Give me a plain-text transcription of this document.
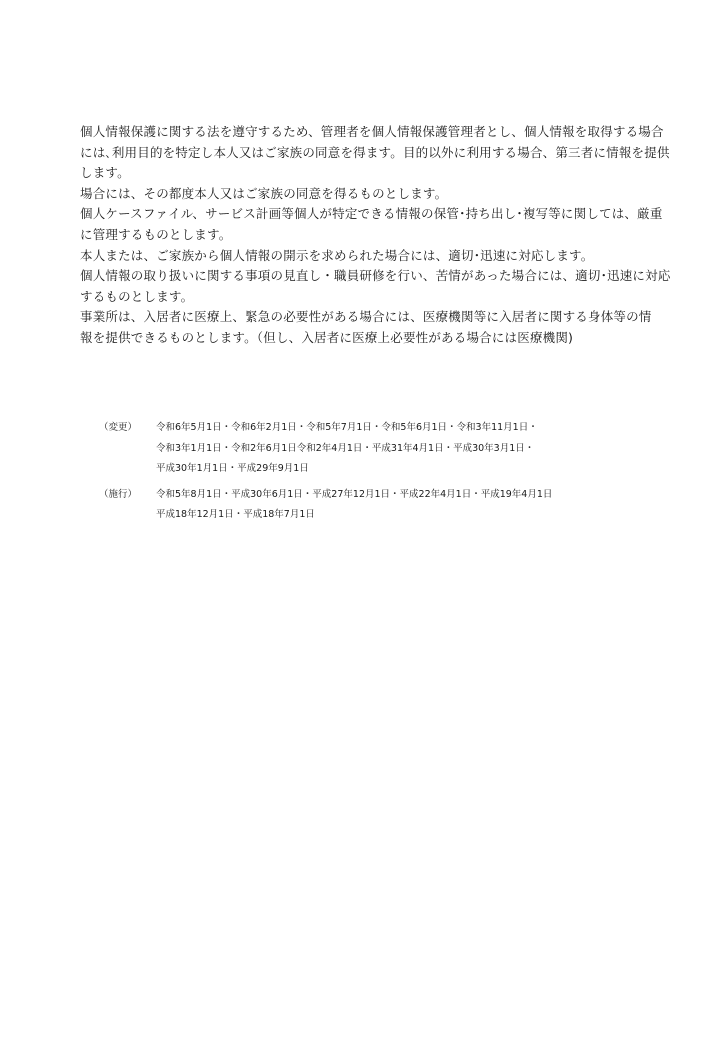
個人情報保護に関する法を遵守するため、管理者を個人情報保護管理者とし、個人情報を取得する場合
には､利用目的を特定し本人又はご家族の同意を得ます。目的以外に利用する場合、第三者に情報を提供
します。

場合には、その都度本人又はご家族の同意を得るものとします。

個人ケースファイル、サービス計画等個人が特定できる情報の保管･持ち出し･複写等に関しては、厳重
に管理するものとします。

本人または、ご家族から個人情報の開示を求められた場合には、適切･迅速に対応します。

個人情報の取り扱いに関する事項の見直し・職員研修を行い、苦情があった場合には、適切･迅速に対応
するものとします。

事業所は、入居者に医療上、緊急の必要性がある場合には、医療機関等に入居者に関する身体等の情
報を提供できるものとします。（但し、入居者に医療上必要性がある場合には医療機関)

（変更）	令和6年5月1日・令和6年2月1日・令和5年7月1日・令和5年6月1日・令和3年11月1日・
令和3年1月1日・令和2年6月1日令和2年4月1日・平成31年4月1日・平成30年3月1日・
平成30年1月1日・平成29年9月1日
（施行）	令和5年8月1日・平成30年6月1日・平成27年12月1日・平成22年4月1日・平成19年4月1日
平成18年12月1日・平成18年7月1日
